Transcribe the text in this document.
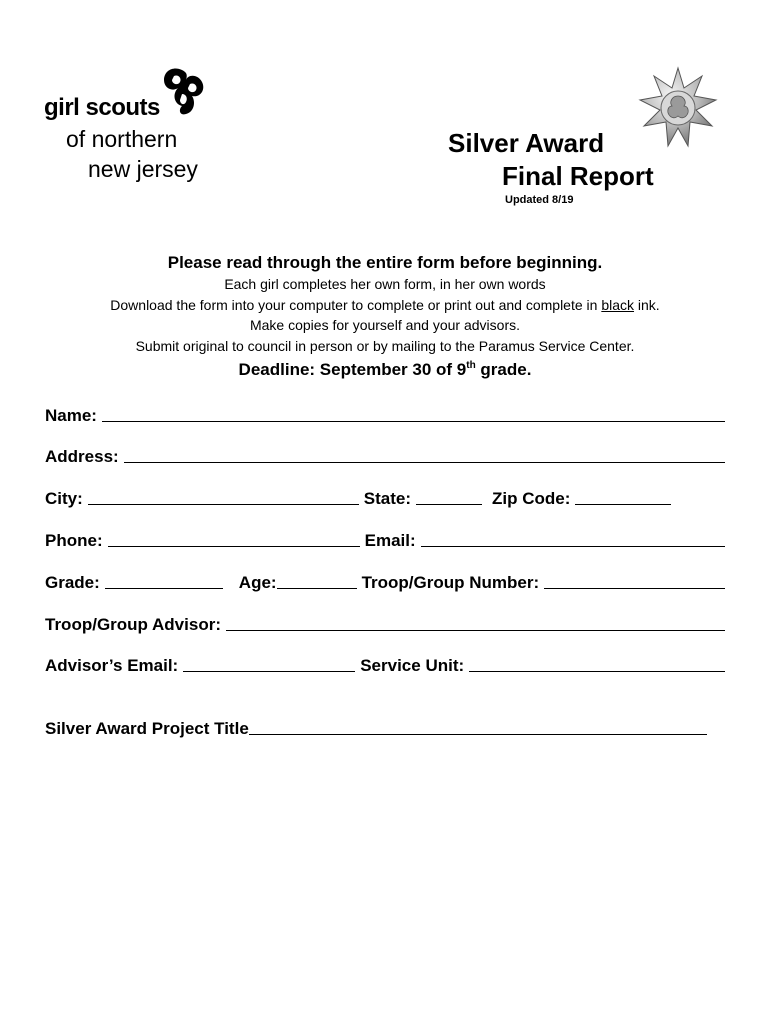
girl scouts
of northern
new jersey
Silver Award
Final Report
Updated 8/19
Please read through the entire form before beginning.
Each girl completes her own form, in her own words
Download the form into your computer to complete or print out and complete in black ink.
Make copies for yourself and your advisors.
Submit original to council in person or by mailing to the Paramus Service Center.
Deadline: September 30 of 9th grade.
Name:
Address:
City:	State:	Zip Code:
Phone:	Email:
Grade:	Age:	Troop/Group Number:
Troop/Group Advisor:
Advisor’s Email:	Service Unit:
Silver Award Project Title
